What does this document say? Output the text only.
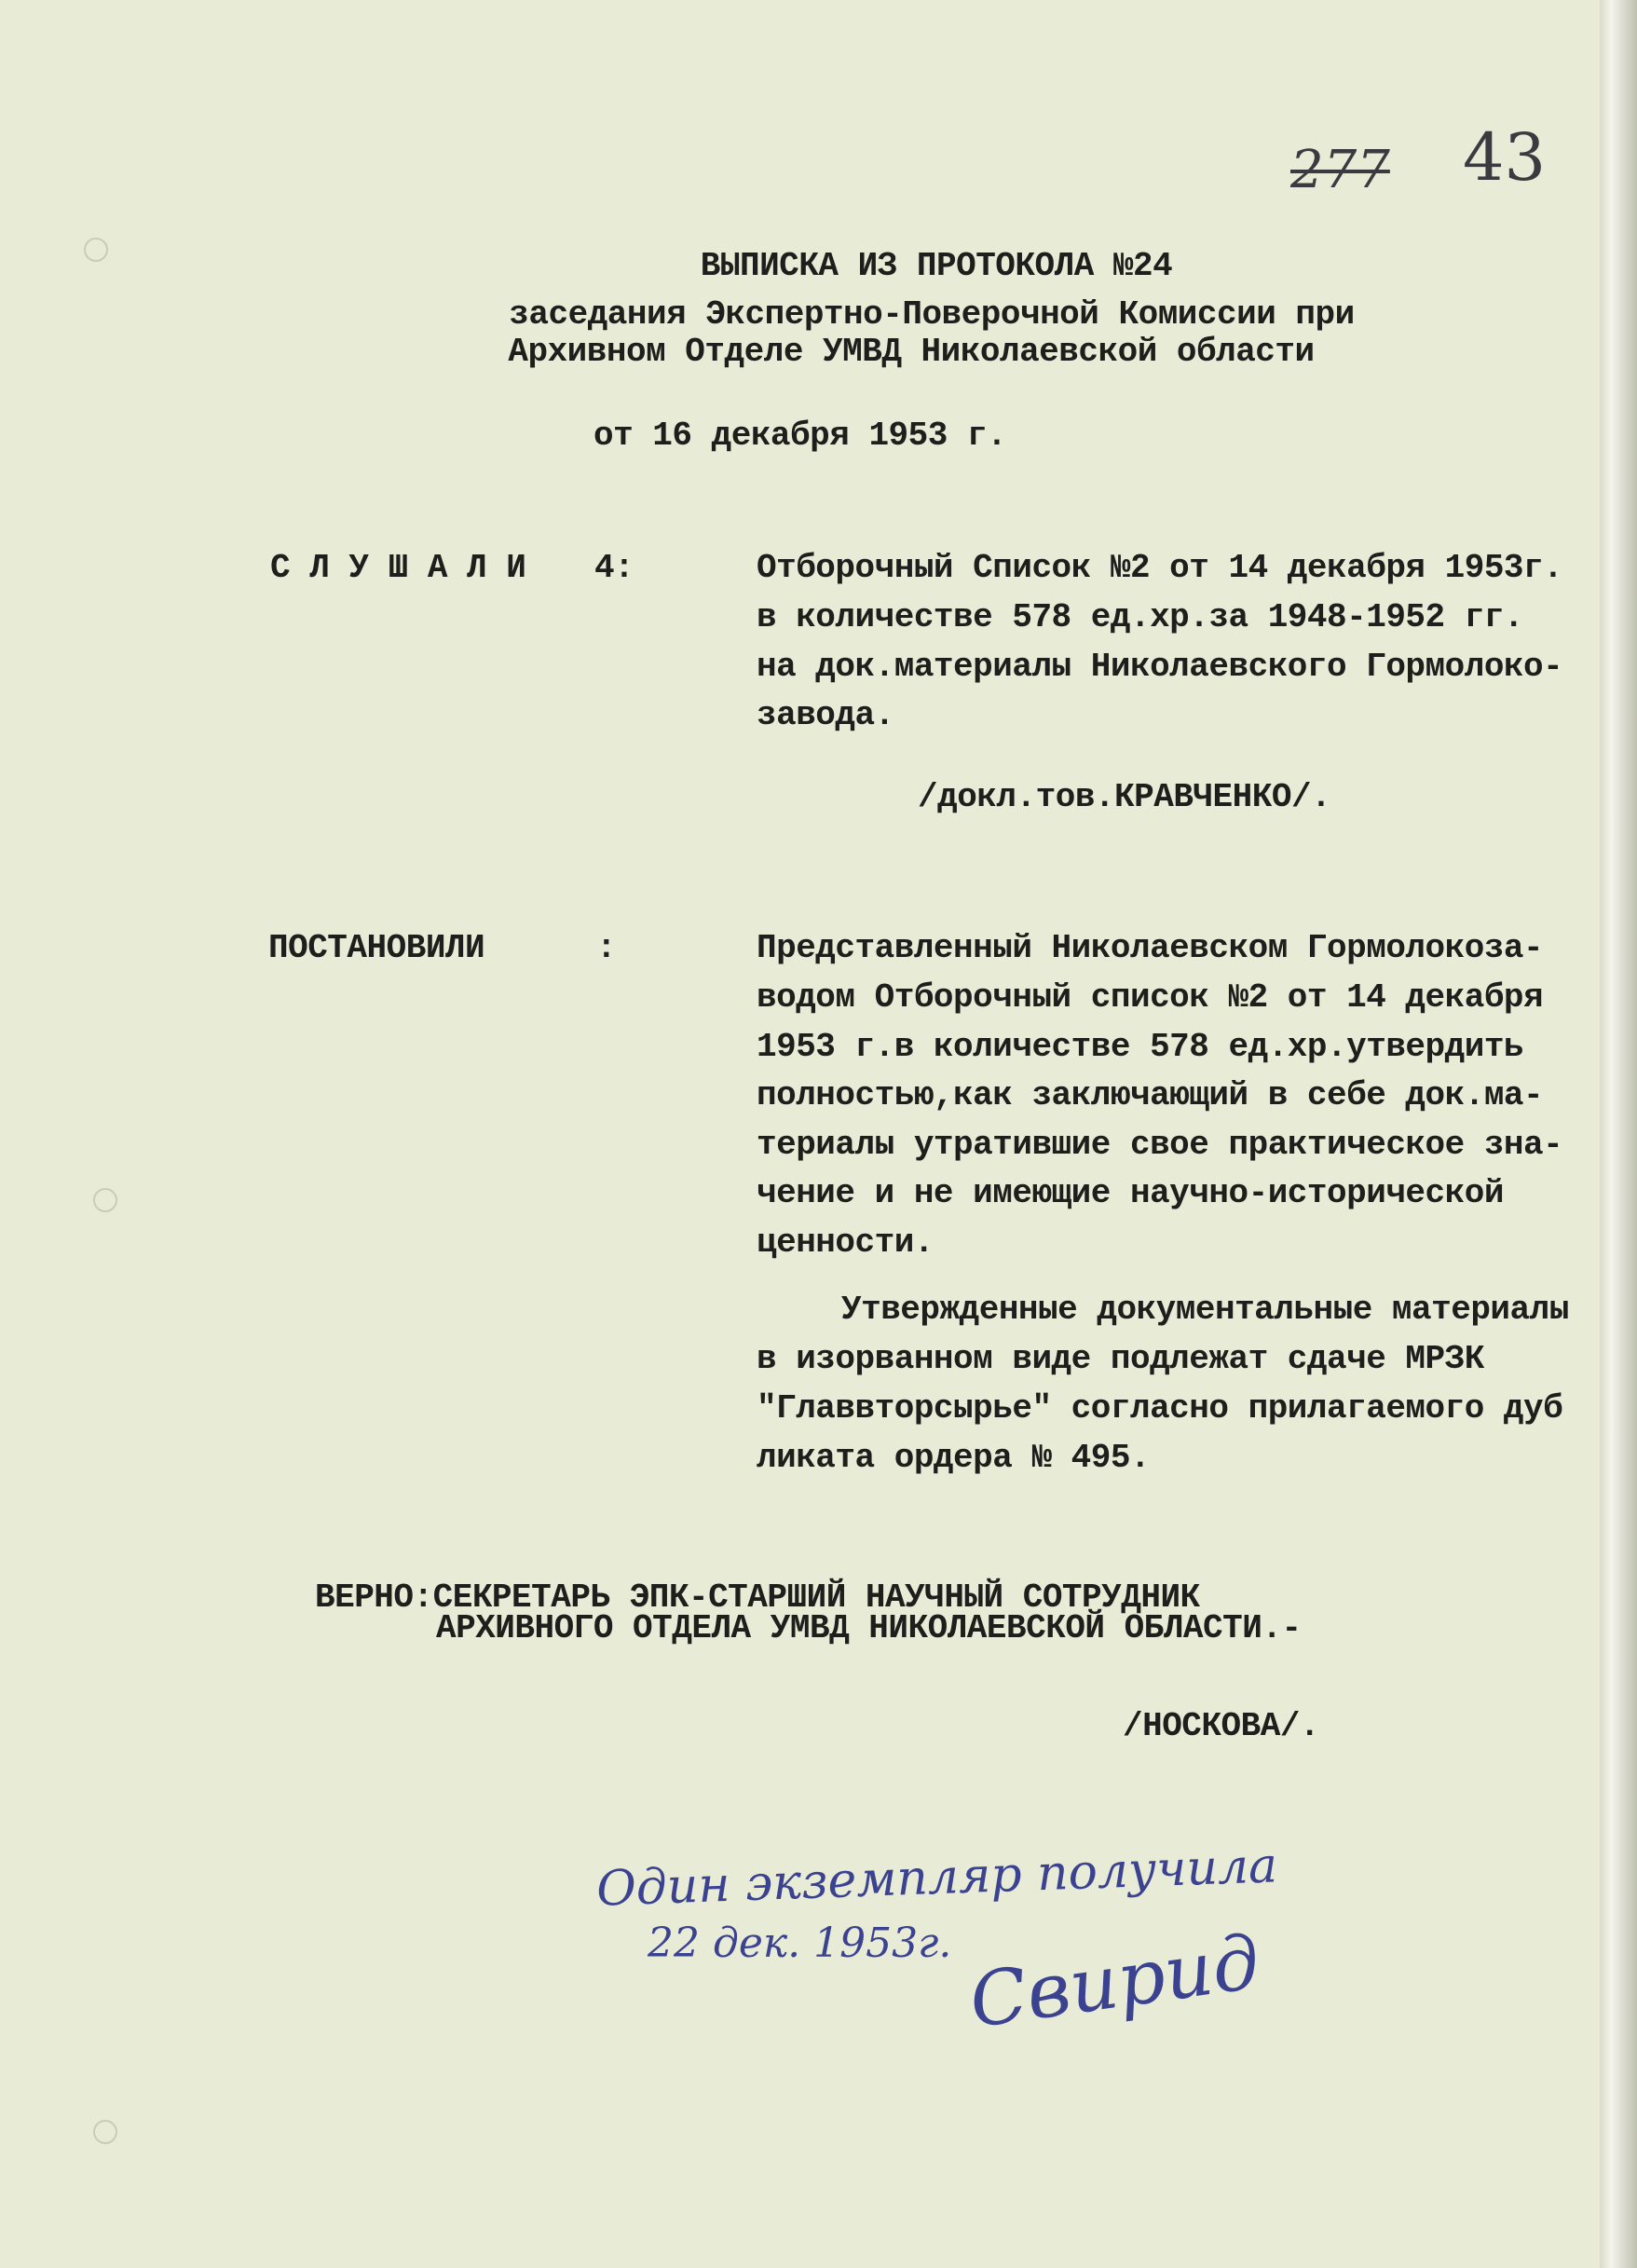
277 43
ВЫПИСКА ИЗ ПРОТОКОЛА №24
заседания Экспертно-Поверочной Комиссии при
Архивном Отделе УМВД Николаевской области
от 16 декабря 1953 г.
С Л У Ш А Л И 4:	Отборочный Список №2 от 14 декабря 1953г.
в количестве 578 ед.хр.за 1948-1952 гг.
на док.материалы Николаевского Гормолоко-
завода.
/докл.тов.КРАВЧЕНКО/.
ПОСТАНОВИЛИ	:	Представленный Николаевском Гормолокоза-
водом Отборочный список №2 от 14 декабря
1953 г.в количестве 578 ед.хр.утвердить
полностью,как заключающий в себе док.ма-
териалы утратившие свое практическое зна-
чение и не имеющие научно-исторической
ценности.
Утвержденные документальные материалы
в изорванном виде подлежат сдаче МРЗК
"Главвторсырье" согласно прилагаемого дуб
ликата ордера № 495.
ВЕРНО:СЕКРЕТАРЬ ЭПК-СТАРШИЙ НАУЧНЫЙ СОТРУДНИК
АРХИВНОГО ОТДЕЛА УМВД НИКОЛАЕВСКОЙ ОБЛАСТИ.-
/НОСКОВА/.
Один экземпляр получила
22 дек. 1953г. Свирид
